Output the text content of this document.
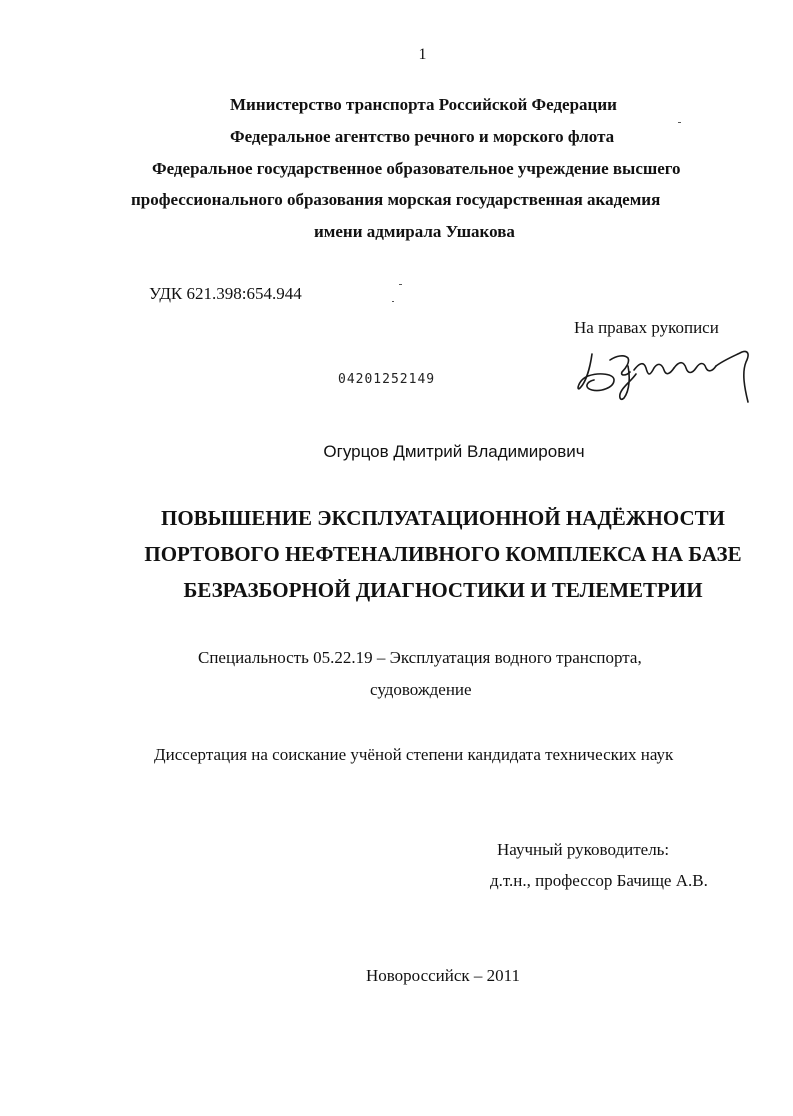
1
Министерство транспорта Российской Федерации
Федеральное агентство речного и морского флота
Федеральное государственное образовательное учреждение высшего
профессионального образования морская государственная академия
имени адмирала Ушакова
УДК 621.398:654.944
На правах рукописи
04201252149
Огурцов Дмитрий Владимирович
ПОВЫШЕНИЕ ЭКСПЛУАТАЦИОННОЙ НАДЁЖНОСТИ
ПОРТОВОГО НЕФТЕНАЛИВНОГО КОМПЛЕКСА НА БАЗЕ
БЕЗРАЗБОРНОЙ ДИАГНОСТИКИ И ТЕЛЕМЕТРИИ
Специальность 05.22.19 – Эксплуатация водного транспорта,
судовождение
Диссертация на соискание учёной степени кандидата технических наук
Научный руководитель:
д.т.н., профессор Бачище А.В.
Новороссийск – 2011
